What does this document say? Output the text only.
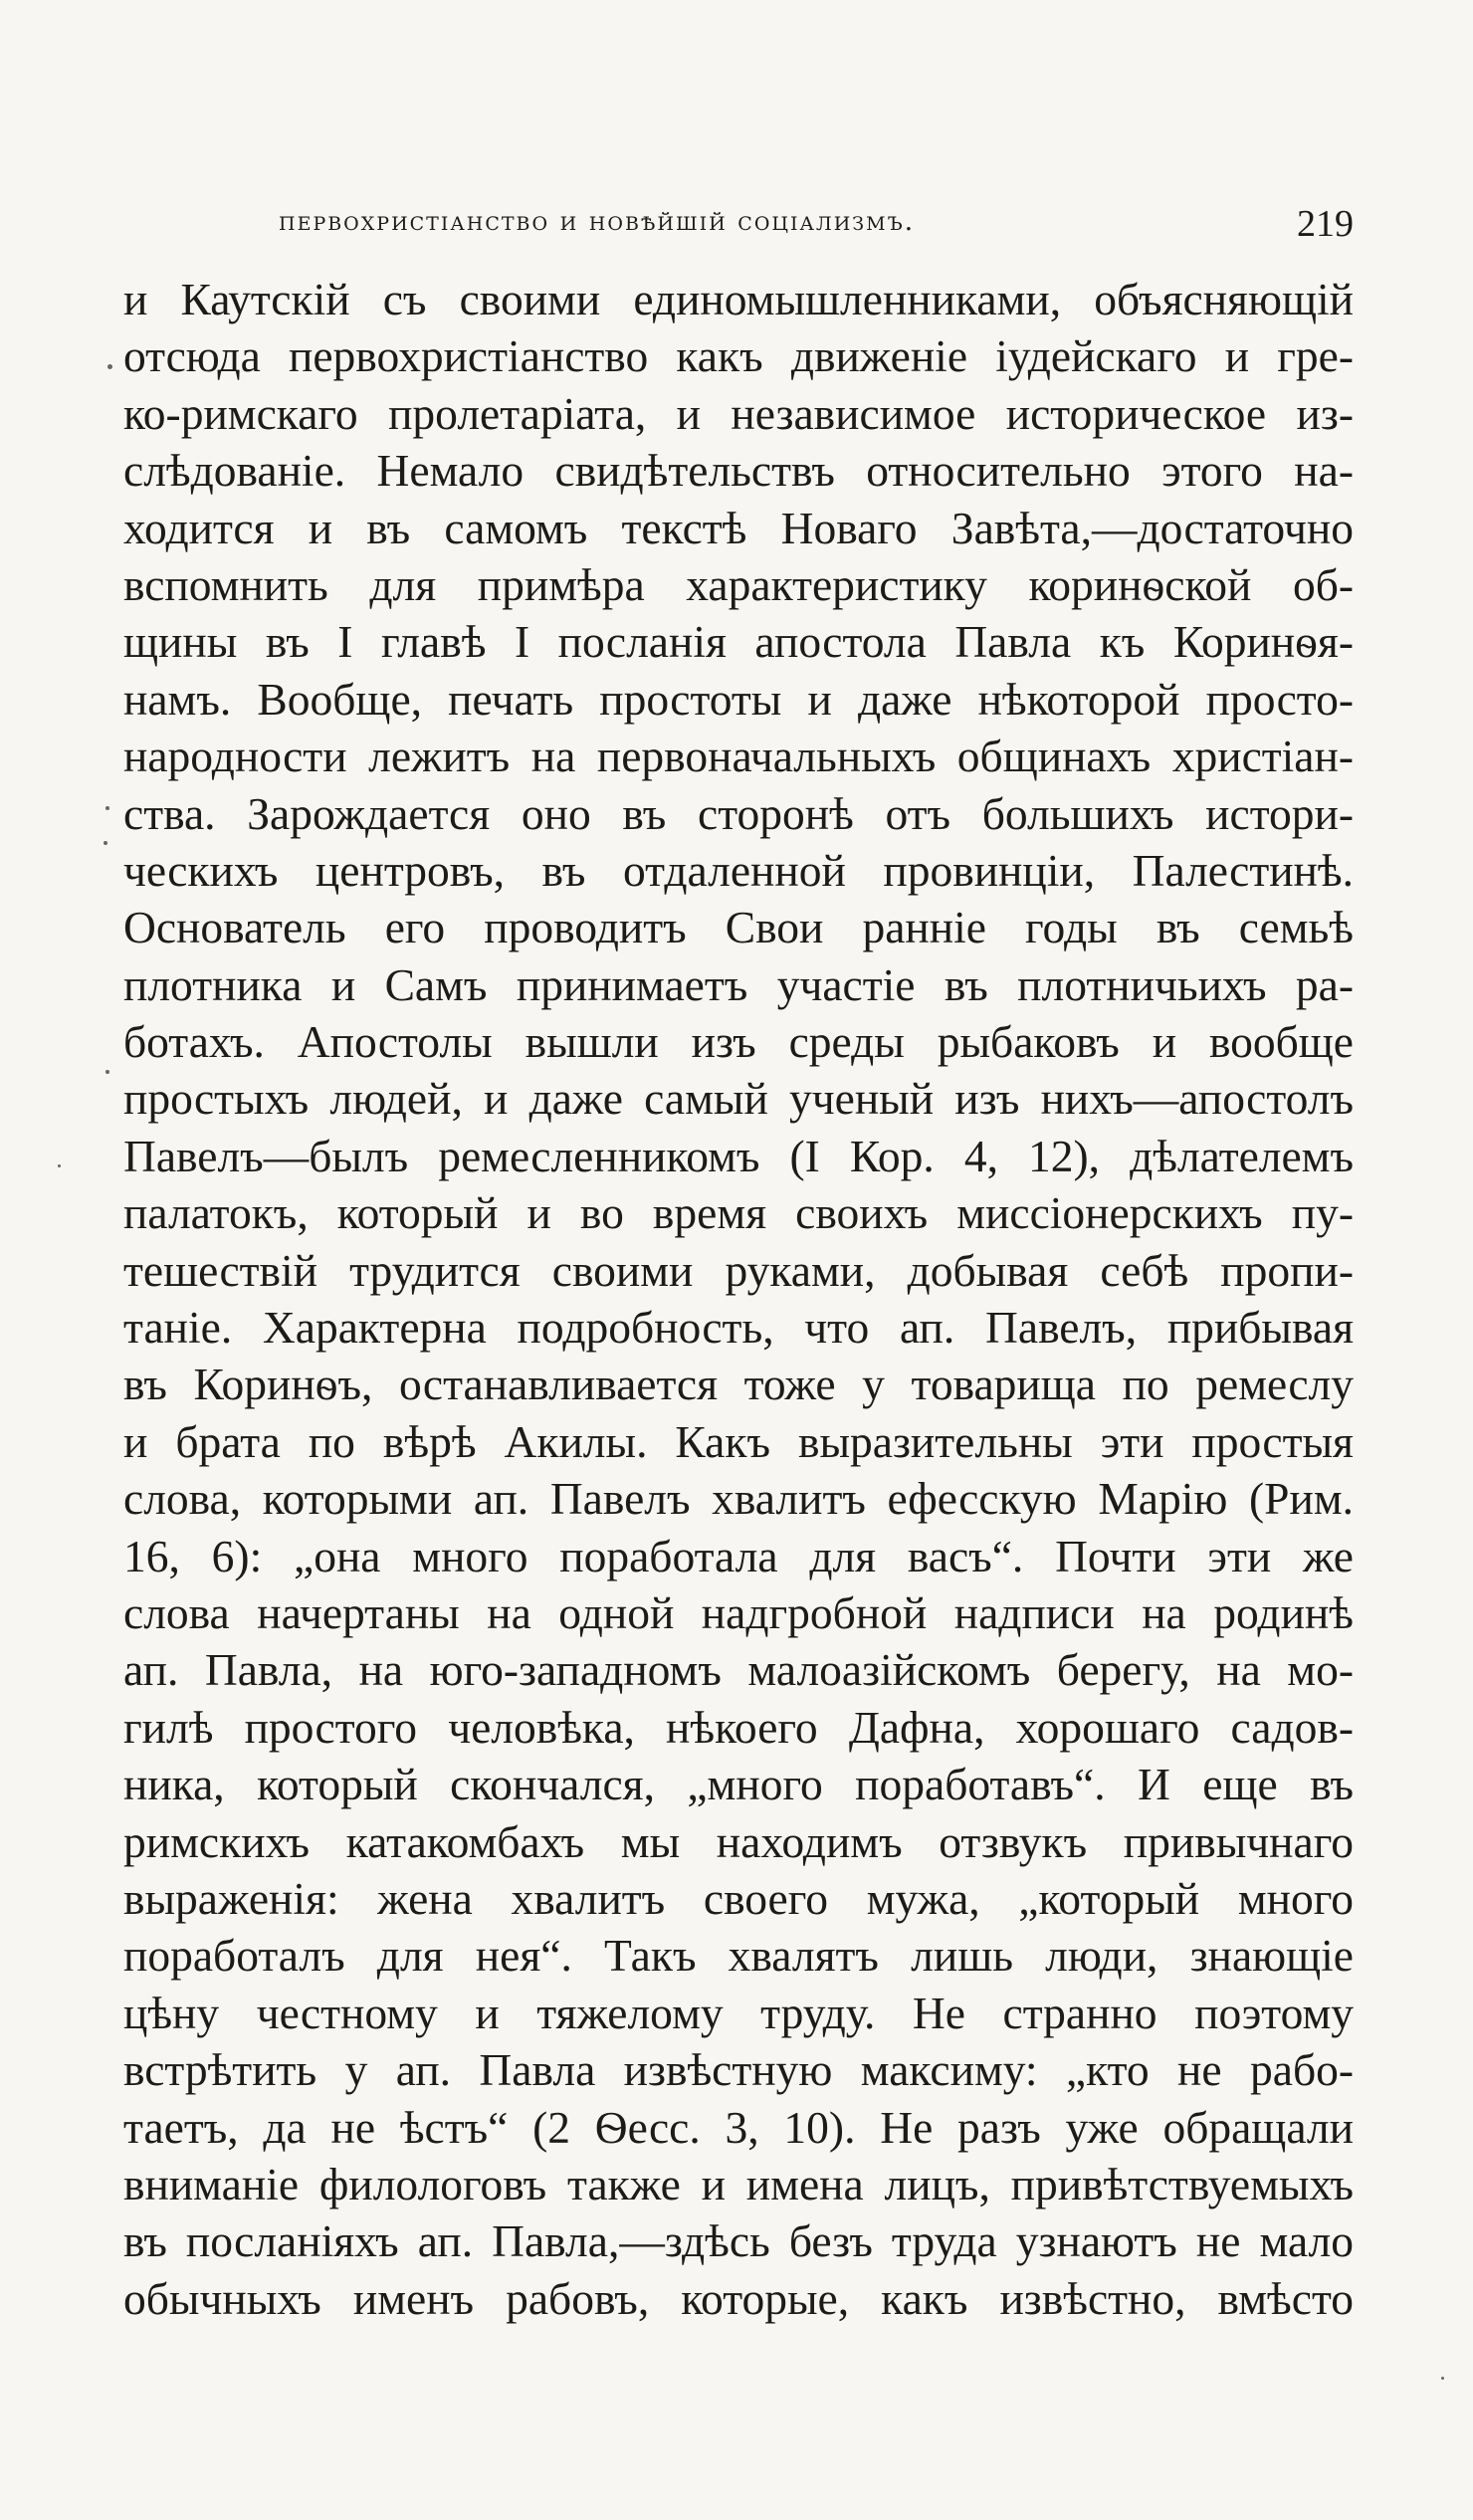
первохристіанство и новѣйшій соціализмъ.	219
и Каутскій съ своими единомышленниками, объясняющій
отсюда первохристіанство какъ движеніе іудейскаго и гре-
ко-римскаго пролетаріата, и независимое историческое из-
слѣдованіе. Немало свидѣтельствъ относительно этого на-
ходится и въ самомъ текстѣ Новаго Завѣта,—достаточно
вспомнить для примѣра характеристику коринѳской об-
щины въ I главѣ I посланія апостола Павла къ Коринѳя-
намъ. Вообще, печать простоты и даже нѣкоторой просто-
народности лежитъ на первоначальныхъ общинахъ христіан-
ства. Зарождается оно въ сторонѣ отъ большихъ истори-
ческихъ центровъ, въ отдаленной провинціи, Палестинѣ.
Основатель его проводитъ Свои ранніе годы въ семьѣ
плотника и Самъ принимаетъ участіе въ плотничьихъ ра-
ботахъ. Апостолы вышли изъ среды рыбаковъ и вообще
простыхъ людей, и даже самый ученый изъ нихъ—апостолъ
Павелъ—былъ ремесленникомъ (I Кор. 4, 12), дѣлателемъ
палатокъ, который и во время своихъ миссіонерскихъ пу-
тешествій трудится своими руками, добывая себѣ пропи-
таніе. Характерна подробность, что ап. Павелъ, прибывая
въ Коринѳъ, останавливается тоже у товарища по ремеслу
и брата по вѣрѣ Акилы. Какъ выразительны эти простыя
слова, которыми ап. Павелъ хвалитъ ефесскую Марію (Рим.
16, 6): „она много поработала для васъ“. Почти эти же
слова начертаны на одной надгробной надписи на родинѣ
ап. Павла, на юго-западномъ малоазійскомъ берегу, на мо-
гилѣ простого человѣка, нѣкоего Дафна, хорошаго садов-
ника, который скончался, „много поработавъ“. И еще въ
римскихъ катакомбахъ мы находимъ отзвукъ привычнаго
выраженія: жена хвалитъ своего мужа, „который много
поработалъ для нея“. Такъ хвалятъ лишь люди, знающіе
цѣну честному и тяжелому труду. Не странно поэтому
встрѣтить у ап. Павла извѣстную максиму: „кто не рабо-
таетъ, да не ѣстъ“ (2 Ѳесс. 3, 10). Не разъ уже обращали
вниманіе филологовъ также и имена лицъ, привѣтствуемыхъ
въ посланіяхъ ап. Павла,—здѣсь безъ труда узнаютъ не мало
обычныхъ именъ рабовъ, которые, какъ извѣстно, вмѣсто
